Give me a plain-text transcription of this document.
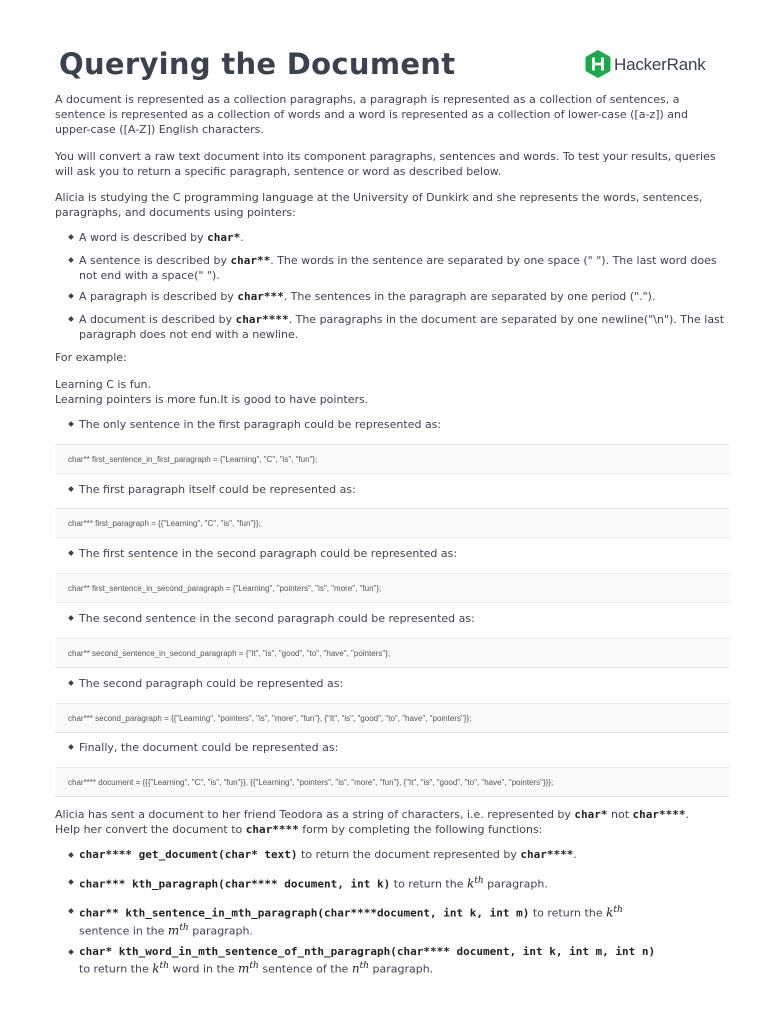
Querying the Document	HackerRank

A document is represented as a collection paragraphs, a paragraph is represented as a collection of sentences, a sentence is represented as a collection of words and a word is represented as a collection of lower-case ([a-z]) and upper-case ([A-Z]) English characters.

You will convert a raw text document into its component paragraphs, sentences and words. To test your results, queries will ask you to return a specific paragraph, sentence or word as described below.

Alicia is studying the C programming language at the University of Dunkirk and she represents the words, sentences, paragraphs, and documents using pointers:

A word is described by char*.
A sentence is described by char**. The words in the sentence are separated by one space (" "). The last word does not end with a space(" ").
A paragraph is described by char***. The sentences in the paragraph are separated by one period (".").
A document is described by char****. The paragraphs in the document are separated by one newline("\n"). The last paragraph does not end with a newline.

For example:

Learning C is fun.

Learning pointers is more fun.It is good to have pointers.

The only sentence in the first paragraph could be represented as:
The first paragraph itself could be represented as:
The first sentence in the second paragraph could be represented as:
The second sentence in the second paragraph could be represented as:
The second paragraph could be represented as:
Finally, the document could be represented as:
char** first_sentence_in_first_paragraph = {"Learning", "C", "is", "fun"};
char*** first_paragraph = {{"Learning", "C", "is", "fun"}};
char** first_sentence_in_second_paragraph = {"Learning", "pointers", "is", "more", "fun"};
char** second_sentence_in_second_paragraph = {"It", "is", "good", "to", "have", "pointers"};
char*** second_paragraph = {{"Learning", "pointers", "is", "more", "fun"}, {"It", "is", "good", "to", "have", "pointers"}};
char**** document = {{{"Learning", "C", "is", "fun"}}, {{"Learning", "pointers", "is", "more", "fun"}, {"It", "is", "good", "to", "have", "pointers"}}};

Alicia has sent a document to her friend Teodora as a string of characters, i.e. represented by char* not char****.

Help her convert the document to char**** form by completing the following functions:

char**** get_document(char* text) to return the document represented by char****.
char*** kth_paragraph(char**** document, int k) to return the $k^{th}$ paragraph.
char** kth_sentence_in_mth_paragraph(char****document, int k, int m) to return the $k^{th}$
sentence in the $m^{th}$ paragraph.
char* kth_word_in_mth_sentence_of_nth_paragraph(char**** document, int k, int m, int n)
to return the $k^{th}$ word in the $m^{th}$ sentence of the $n^{th}$ paragraph.
